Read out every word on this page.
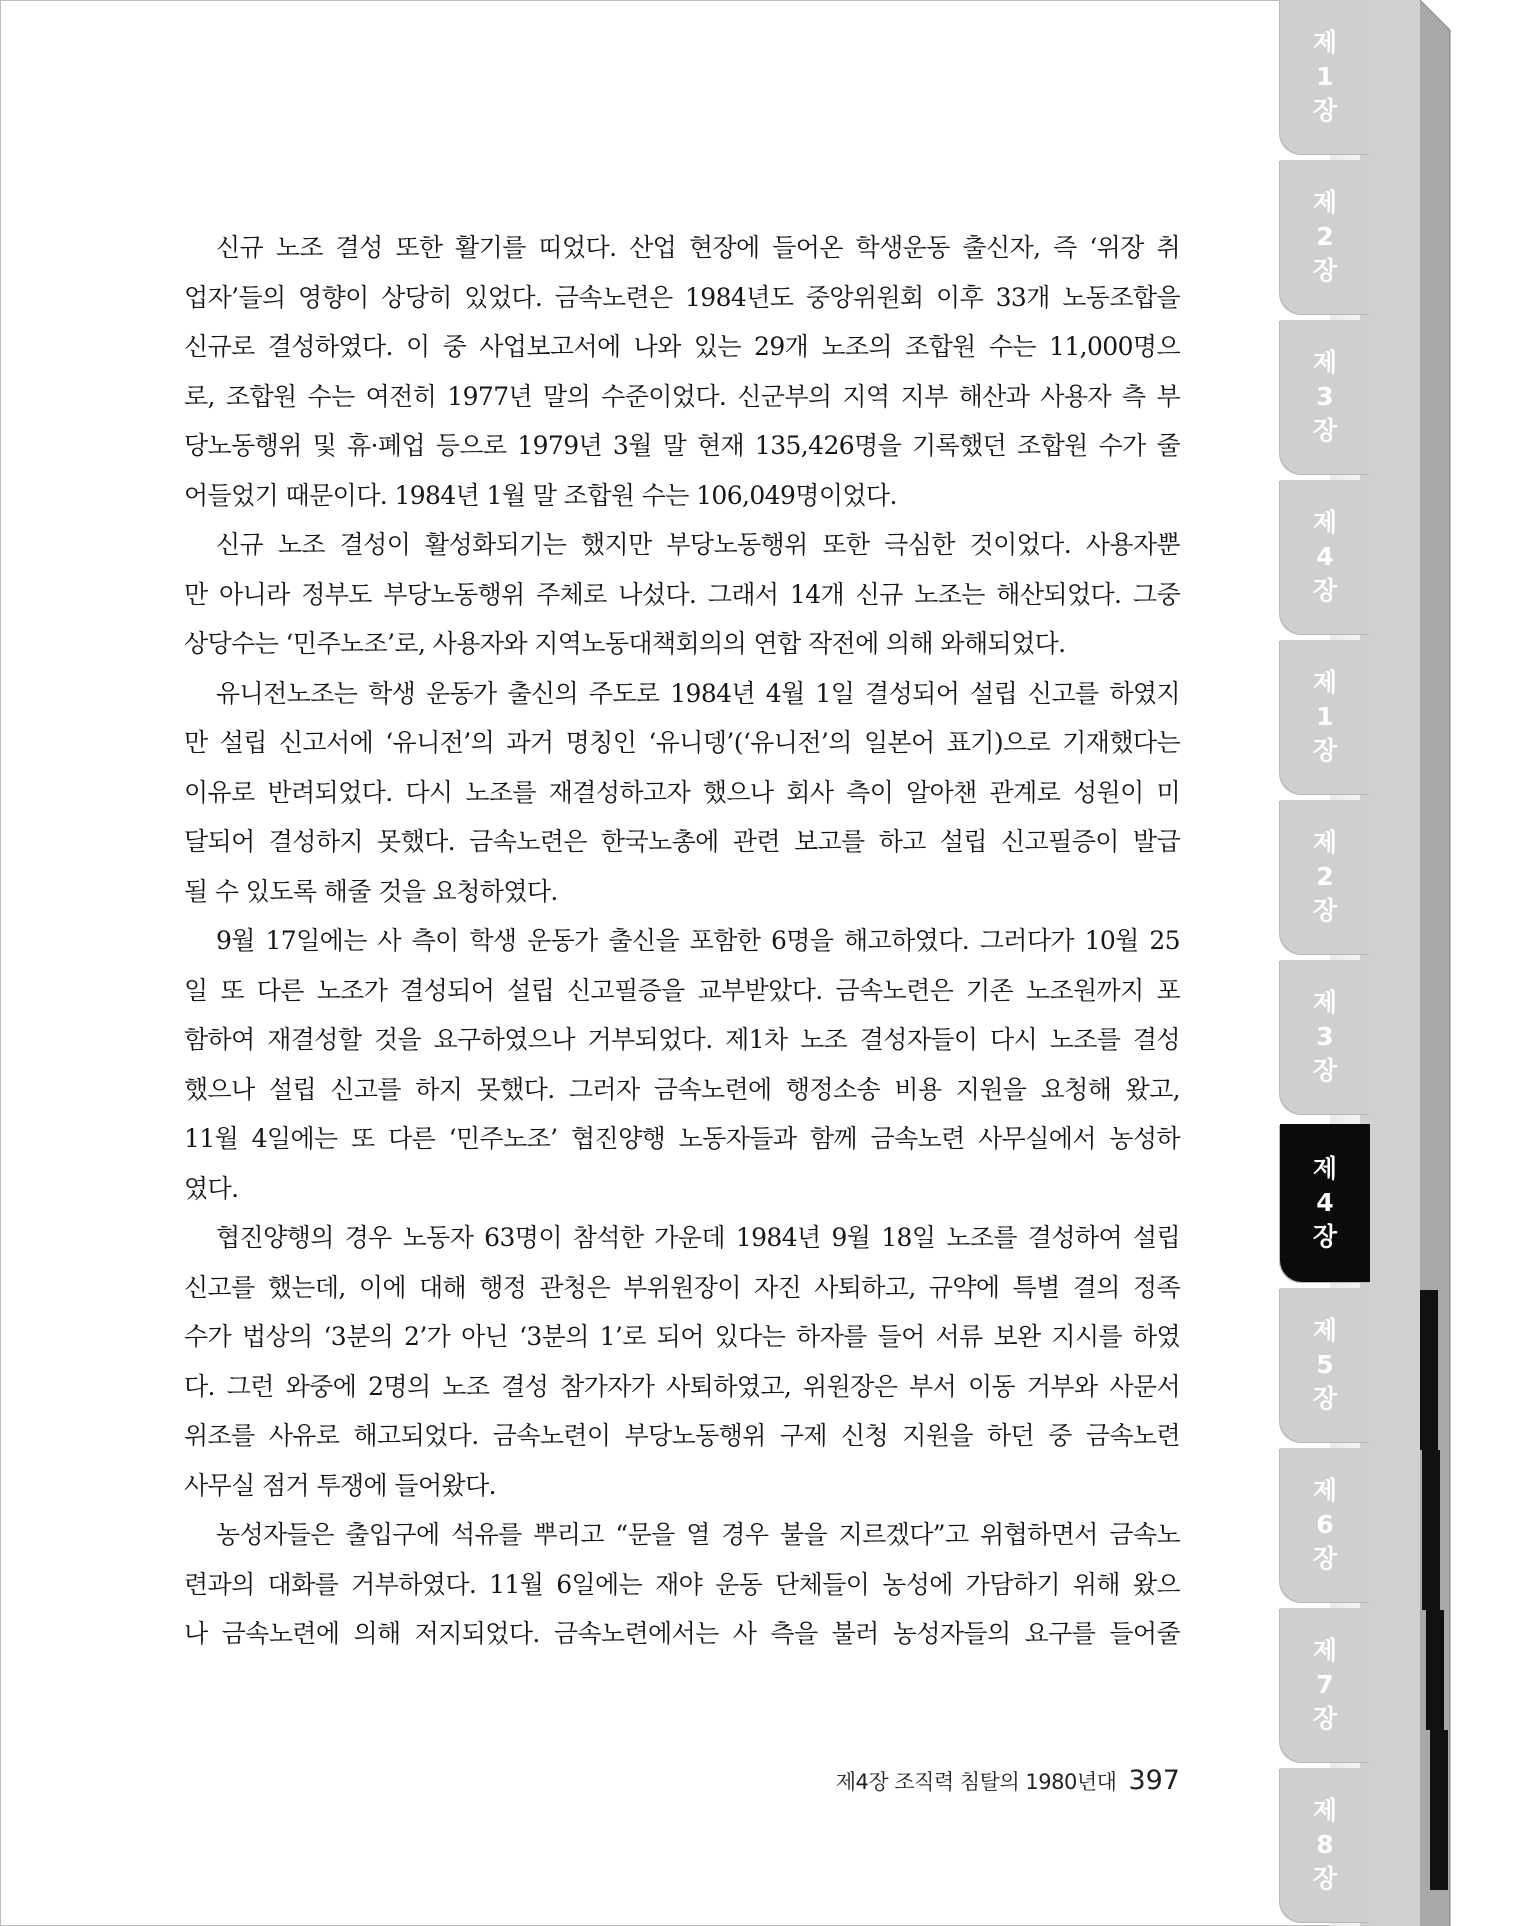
신규 노조 결성 또한 활기를 띠었다. 산업 현장에 들어온 학생운동 출신자, 즉 ‘위장 취
업자’들의 영향이 상당히 있었다. 금속노련은 1984년도 중앙위원회 이후 33개 노동조합을
신규로 결성하였다. 이 중 사업보고서에 나와 있는 29개 노조의 조합원 수는 11,000명으
로, 조합원 수는 여전히 1977년 말의 수준이었다. 신군부의 지역 지부 해산과 사용자 측 부
당노동행위 및 휴·폐업 등으로 1979년 3월 말 현재 135,426명을 기록했던 조합원 수가 줄
어들었기 때문이다. 1984년 1월 말 조합원 수는 106,049명이었다.

신규 노조 결성이 활성화되기는 했지만 부당노동행위 또한 극심한 것이었다. 사용자뿐
만 아니라 정부도 부당노동행위 주체로 나섰다. 그래서 14개 신규 노조는 해산되었다. 그중
상당수는 ‘민주노조’로, 사용자와 지역노동대책회의의 연합 작전에 의해 와해되었다.

유니전노조는 학생 운동가 출신의 주도로 1984년 4월 1일 결성되어 설립 신고를 하였지
만 설립 신고서에 ‘유니전’의 과거 명칭인 ‘유니뎅’(‘유니전’의 일본어 표기)으로 기재했다는
이유로 반려되었다. 다시 노조를 재결성하고자 했으나 회사 측이 알아챈 관계로 성원이 미
달되어 결성하지 못했다. 금속노련은 한국노총에 관련 보고를 하고 설립 신고필증이 발급
될 수 있도록 해줄 것을 요청하였다.

9월 17일에는 사 측이 학생 운동가 출신을 포함한 6명을 해고하였다. 그러다가 10월 25
일 또 다른 노조가 결성되어 설립 신고필증을 교부받았다. 금속노련은 기존 노조원까지 포
함하여 재결성할 것을 요구하였으나 거부되었다. 제1차 노조 결성자들이 다시 노조를 결성
했으나 설립 신고를 하지 못했다. 그러자 금속노련에 행정소송 비용 지원을 요청해 왔고,
11월 4일에는 또 다른 ‘민주노조’ 협진양행 노동자들과 함께 금속노련 사무실에서 농성하
였다.

협진양행의 경우 노동자 63명이 참석한 가운데 1984년 9월 18일 노조를 결성하여 설립
신고를 했는데, 이에 대해 행정 관청은 부위원장이 자진 사퇴하고, 규약에 특별 결의 정족
수가 법상의 ‘3분의 2’가 아닌 ‘3분의 1’로 되어 있다는 하자를 들어 서류 보완 지시를 하였
다. 그런 와중에 2명의 노조 결성 참가자가 사퇴하였고, 위원장은 부서 이동 거부와 사문서
위조를 사유로 해고되었다. 금속노련이 부당노동행위 구제 신청 지원을 하던 중 금속노련
사무실 점거 투쟁에 들어왔다.

농성자들은 출입구에 석유를 뿌리고 “문을 열 경우 불을 지르겠다”고 위협하면서 금속노
련과의 대화를 거부하였다. 11월 6일에는 재야 운동 단체들이 농성에 가담하기 위해 왔으
나 금속노련에 의해 저지되었다. 금속노련에서는 사 측을 불러 농성자들의 요구를 들어줄

제4장 조직력 침탈의 1980년대 397
제
1
장
제
2
장
제
3
장
제
4
장
제
1
장
제
2
장
제
3
장
제
4
장
제
5
장
제
6
장
제
7
장
제
8
장
